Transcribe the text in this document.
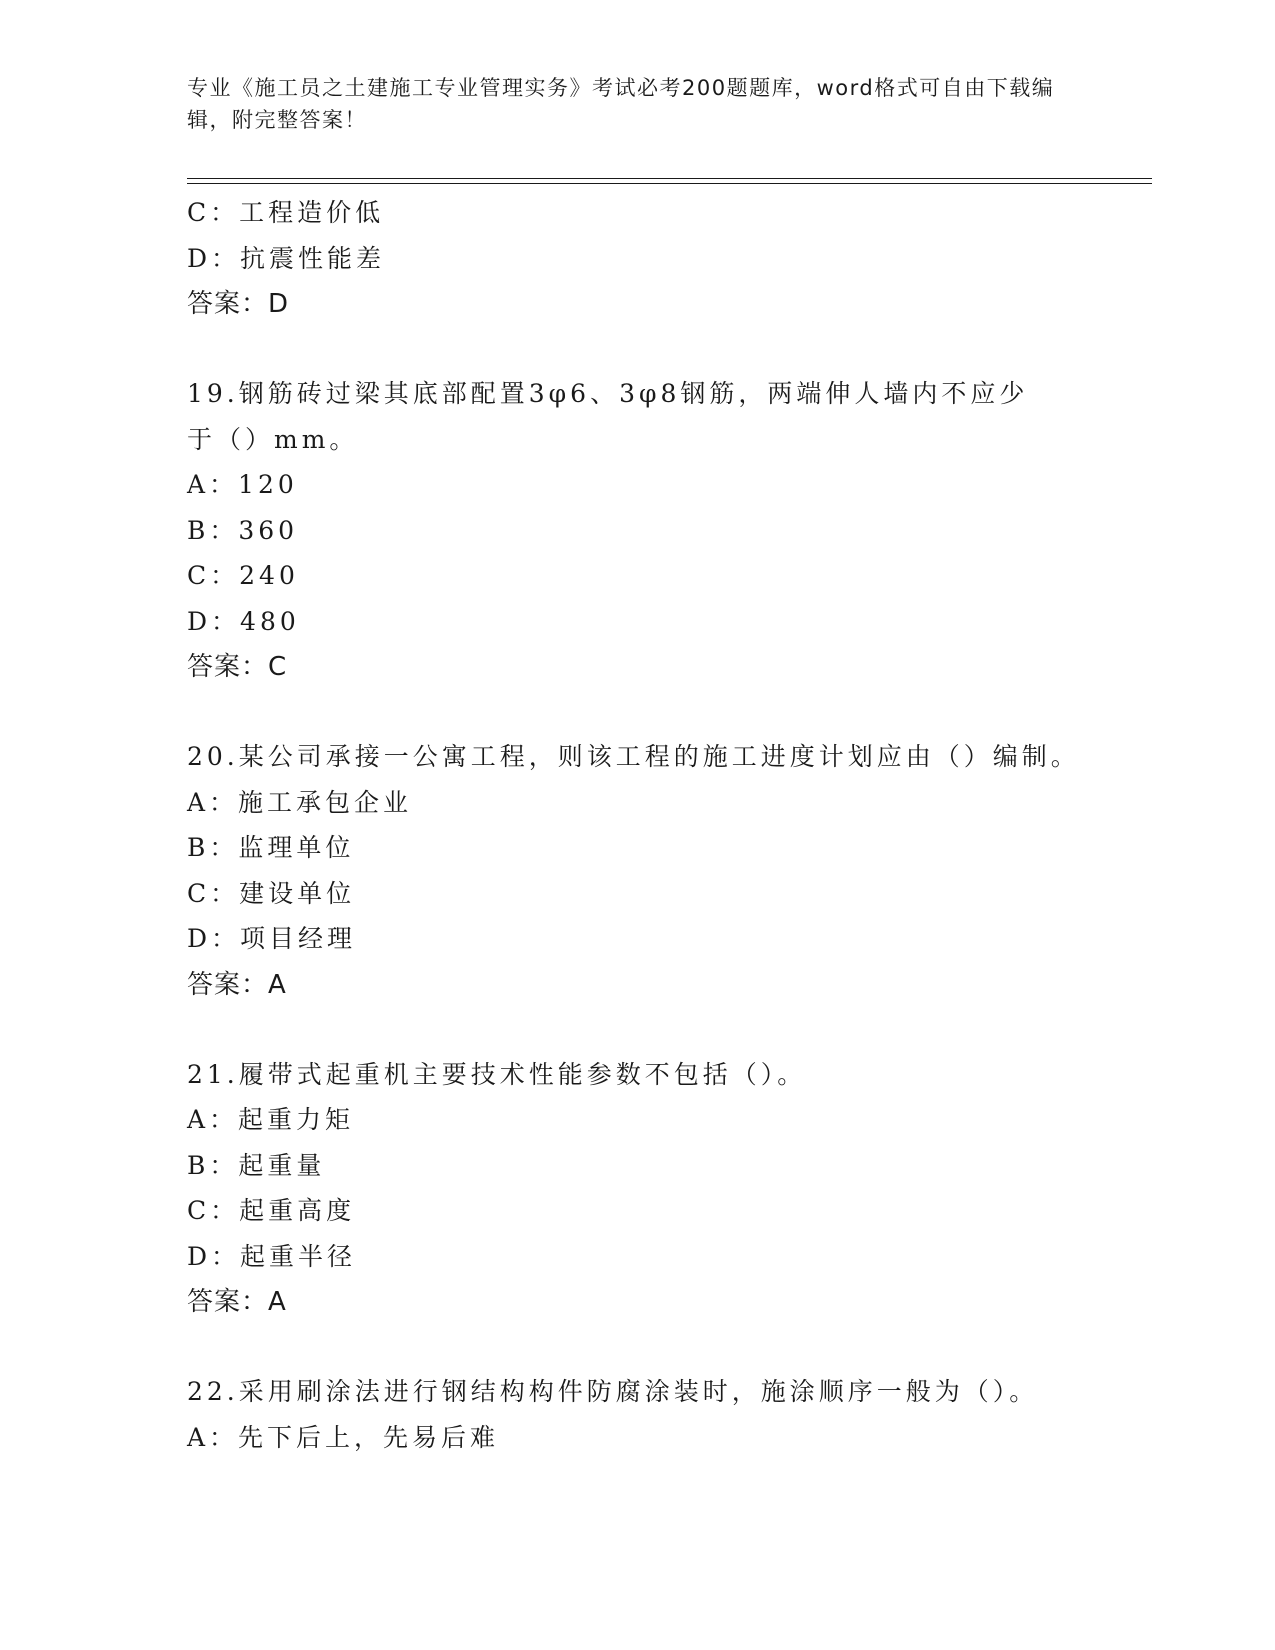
专业《施工员之土建施工专业管理实务》考试必考200题题库，word格式可自由下载编辑，附完整答案！
C：工程造价低
D：抗震性能差
答案：D
19.钢筋砖过梁其底部配置3φ6、3φ8钢筋，两端伸人墙内不应少于（）mm。
A：120
B：360
C：240
D：480
答案：C
20.某公司承接一公寓工程，则该工程的施工进度计划应由（）编制。
A：施工承包企业
B：监理单位
C：建设单位
D：项目经理
答案：A
21.履带式起重机主要技术性能参数不包括（）。
A：起重力矩
B：起重量
C：起重高度
D：起重半径
答案：A
22.采用刷涂法进行钢结构构件防腐涂装时，施涂顺序一般为（）。
A：先下后上，先易后难
